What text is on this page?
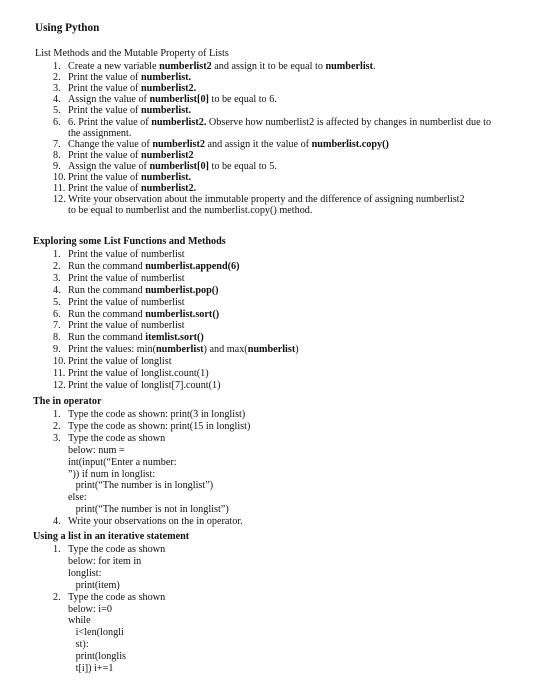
Using Python
List Methods and the Mutable Property of Lists
1. Create a new variable numberlist2 and assign it to be equal to numberlist.
2. Print the value of numberlist.
3. Print the value of numberlist2.
4. Assign the value of numberlist[0] to be equal to 6.
5. Print the value of numberlist.
6. 6. Print the value of numberlist2. Observe how numberlist2 is affected by changes in numberlist due to
the assignment.
7. Change the value of numberlist2 and assign it the value of numberlist.copy()
8. Print the value of numberlist2
9. Assign the value of numberlist[0] to be equal to 5.
10. Print the value of numberlist.
11. Print the value of numberlist2.
12. Write your observation about the immutable property and the difference of assigning numberlist2
to be equal to numberlist and the numberlist.copy() method.
Exploring some List Functions and Methods
1. Print the value of numberlist
2. Run the command numberlist.append(6)
3. Print the value of numberlist
4. Run the command numberlist.pop()
5. Print the value of numberlist
6. Run the command numberlist.sort()
7. Print the value of numberlist
8. Run the command itemlist.sort()
9. Print the values: min(numberlist) and max(numberlist)
10. Print the value of longlist
11. Print the value of longlist.count(1)
12. Print the value of longlist[7].count(1)
The in operator
1. Type the code as shown: print(3 in longlist)
2. Type the code as shown: print(15 in longlist)
3. Type the code as shown
below: num =
int(input(“Enter a number:
”)) if num in longlist:
print(“The number is in longlist”)
else:
print(“The number is not in longlist”)
4. Write your observations on the in operator.
Using a list in an iterative statement
1. Type the code as shown
below: for item in
longlist:
print(item)
2. Type the code as shown
below: i=0
while
i<len(longli
st):
print(longlis
t[i]) i+=1
